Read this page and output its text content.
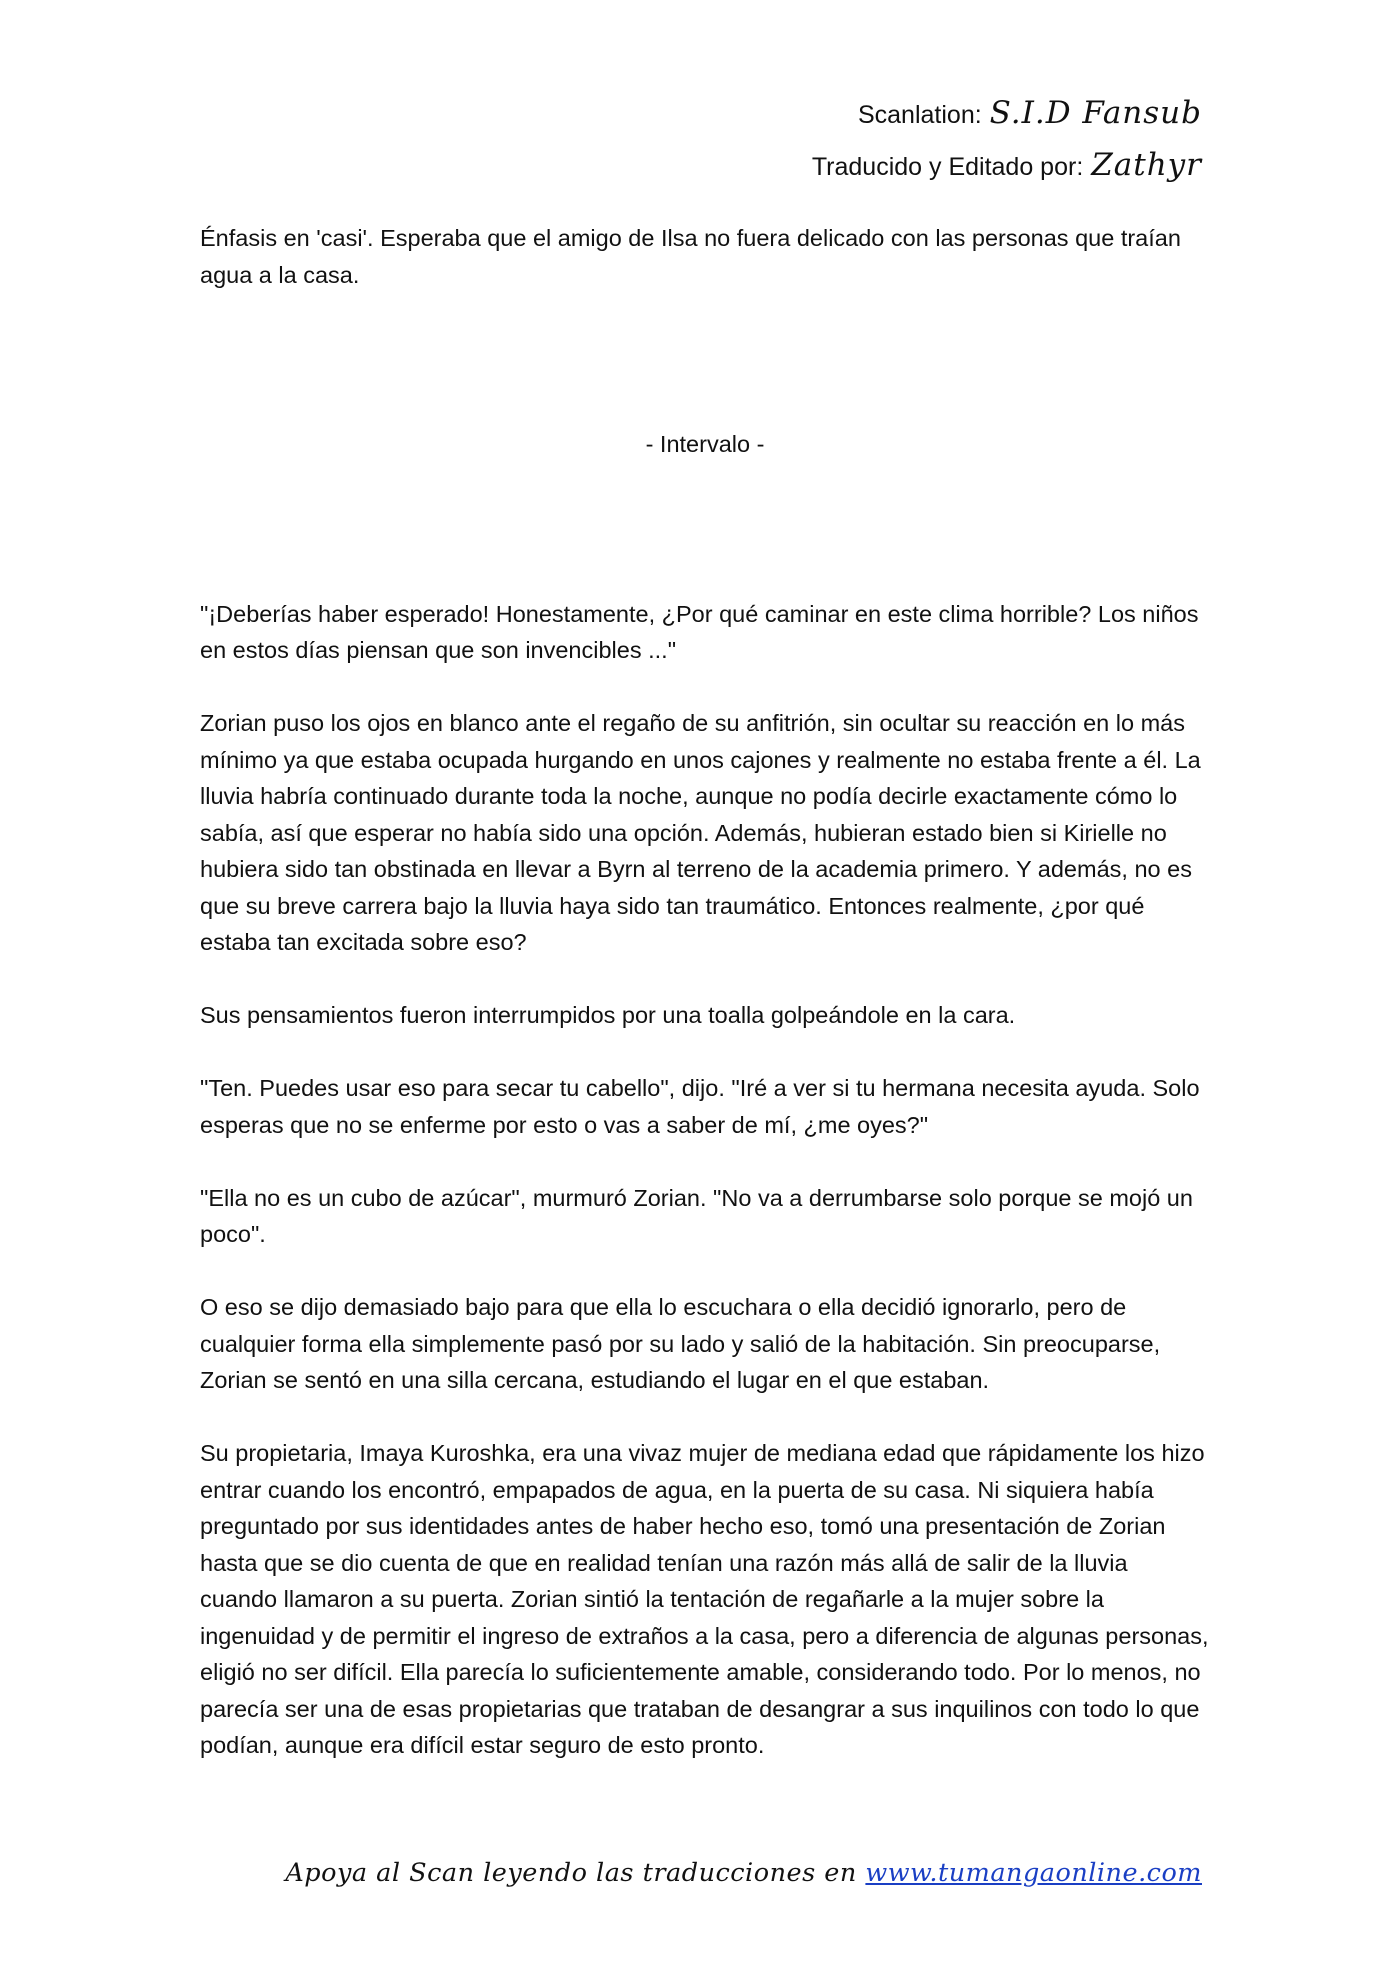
Scanlation: S.I.D Fansub
Traducido y Editado por: Zathyr

Énfasis en 'casi'. Esperaba que el amigo de Ilsa no fuera delicado con las personas que traían agua a la casa.

- Intervalo -

"¡Deberías haber esperado! Honestamente, ¿Por qué caminar en este clima horrible? Los niños en estos días piensan que son invencibles ..."

Zorian puso los ojos en blanco ante el regaño de su anfitrión, sin ocultar su reacción en lo más mínimo ya que estaba ocupada hurgando en unos cajones y realmente no estaba frente a él. La lluvia habría continuado durante toda la noche, aunque no podía decirle exactamente cómo lo sabía, así que esperar no había sido una opción. Además, hubieran estado bien si Kirielle no hubiera sido tan obstinada en llevar a Byrn al terreno de la academia primero. Y además, no es que su breve carrera bajo la lluvia haya sido tan traumático. Entonces realmente, ¿por qué estaba tan excitada sobre eso?

Sus pensamientos fueron interrumpidos por una toalla golpeándole en la cara.

"Ten. Puedes usar eso para secar tu cabello", dijo. "Iré a ver si tu hermana necesita ayuda. Solo esperas que no se enferme por esto o vas a saber de mí, ¿me oyes?"

"Ella no es un cubo de azúcar", murmuró Zorian. "No va a derrumbarse solo porque se mojó un poco".

O eso se dijo demasiado bajo para que ella lo escuchara o ella decidió ignorarlo, pero de cualquier forma ella simplemente pasó por su lado y salió de la habitación. Sin preocuparse, Zorian se sentó en una silla cercana, estudiando el lugar en el que estaban.

Su propietaria, Imaya Kuroshka, era una vivaz mujer de mediana edad que rápidamente los hizo entrar cuando los encontró, empapados de agua, en la puerta de su casa. Ni siquiera había preguntado por sus identidades antes de haber hecho eso, tomó una presentación de Zorian hasta que se dio cuenta de que en realidad tenían una razón más allá de salir de la lluvia cuando llamaron a su puerta. Zorian sintió la tentación de regañarle a la mujer sobre la ingenuidad y de permitir el ingreso de extraños a la casa, pero a diferencia de algunas personas, eligió no ser difícil. Ella parecía lo suficientemente amable, considerando todo. Por lo menos, no parecía ser una de esas propietarias que trataban de desangrar a sus inquilinos con todo lo que podían, aunque era difícil estar seguro de esto pronto.

Apoya al Scan leyendo las traducciones en www.tumangaonline.com
